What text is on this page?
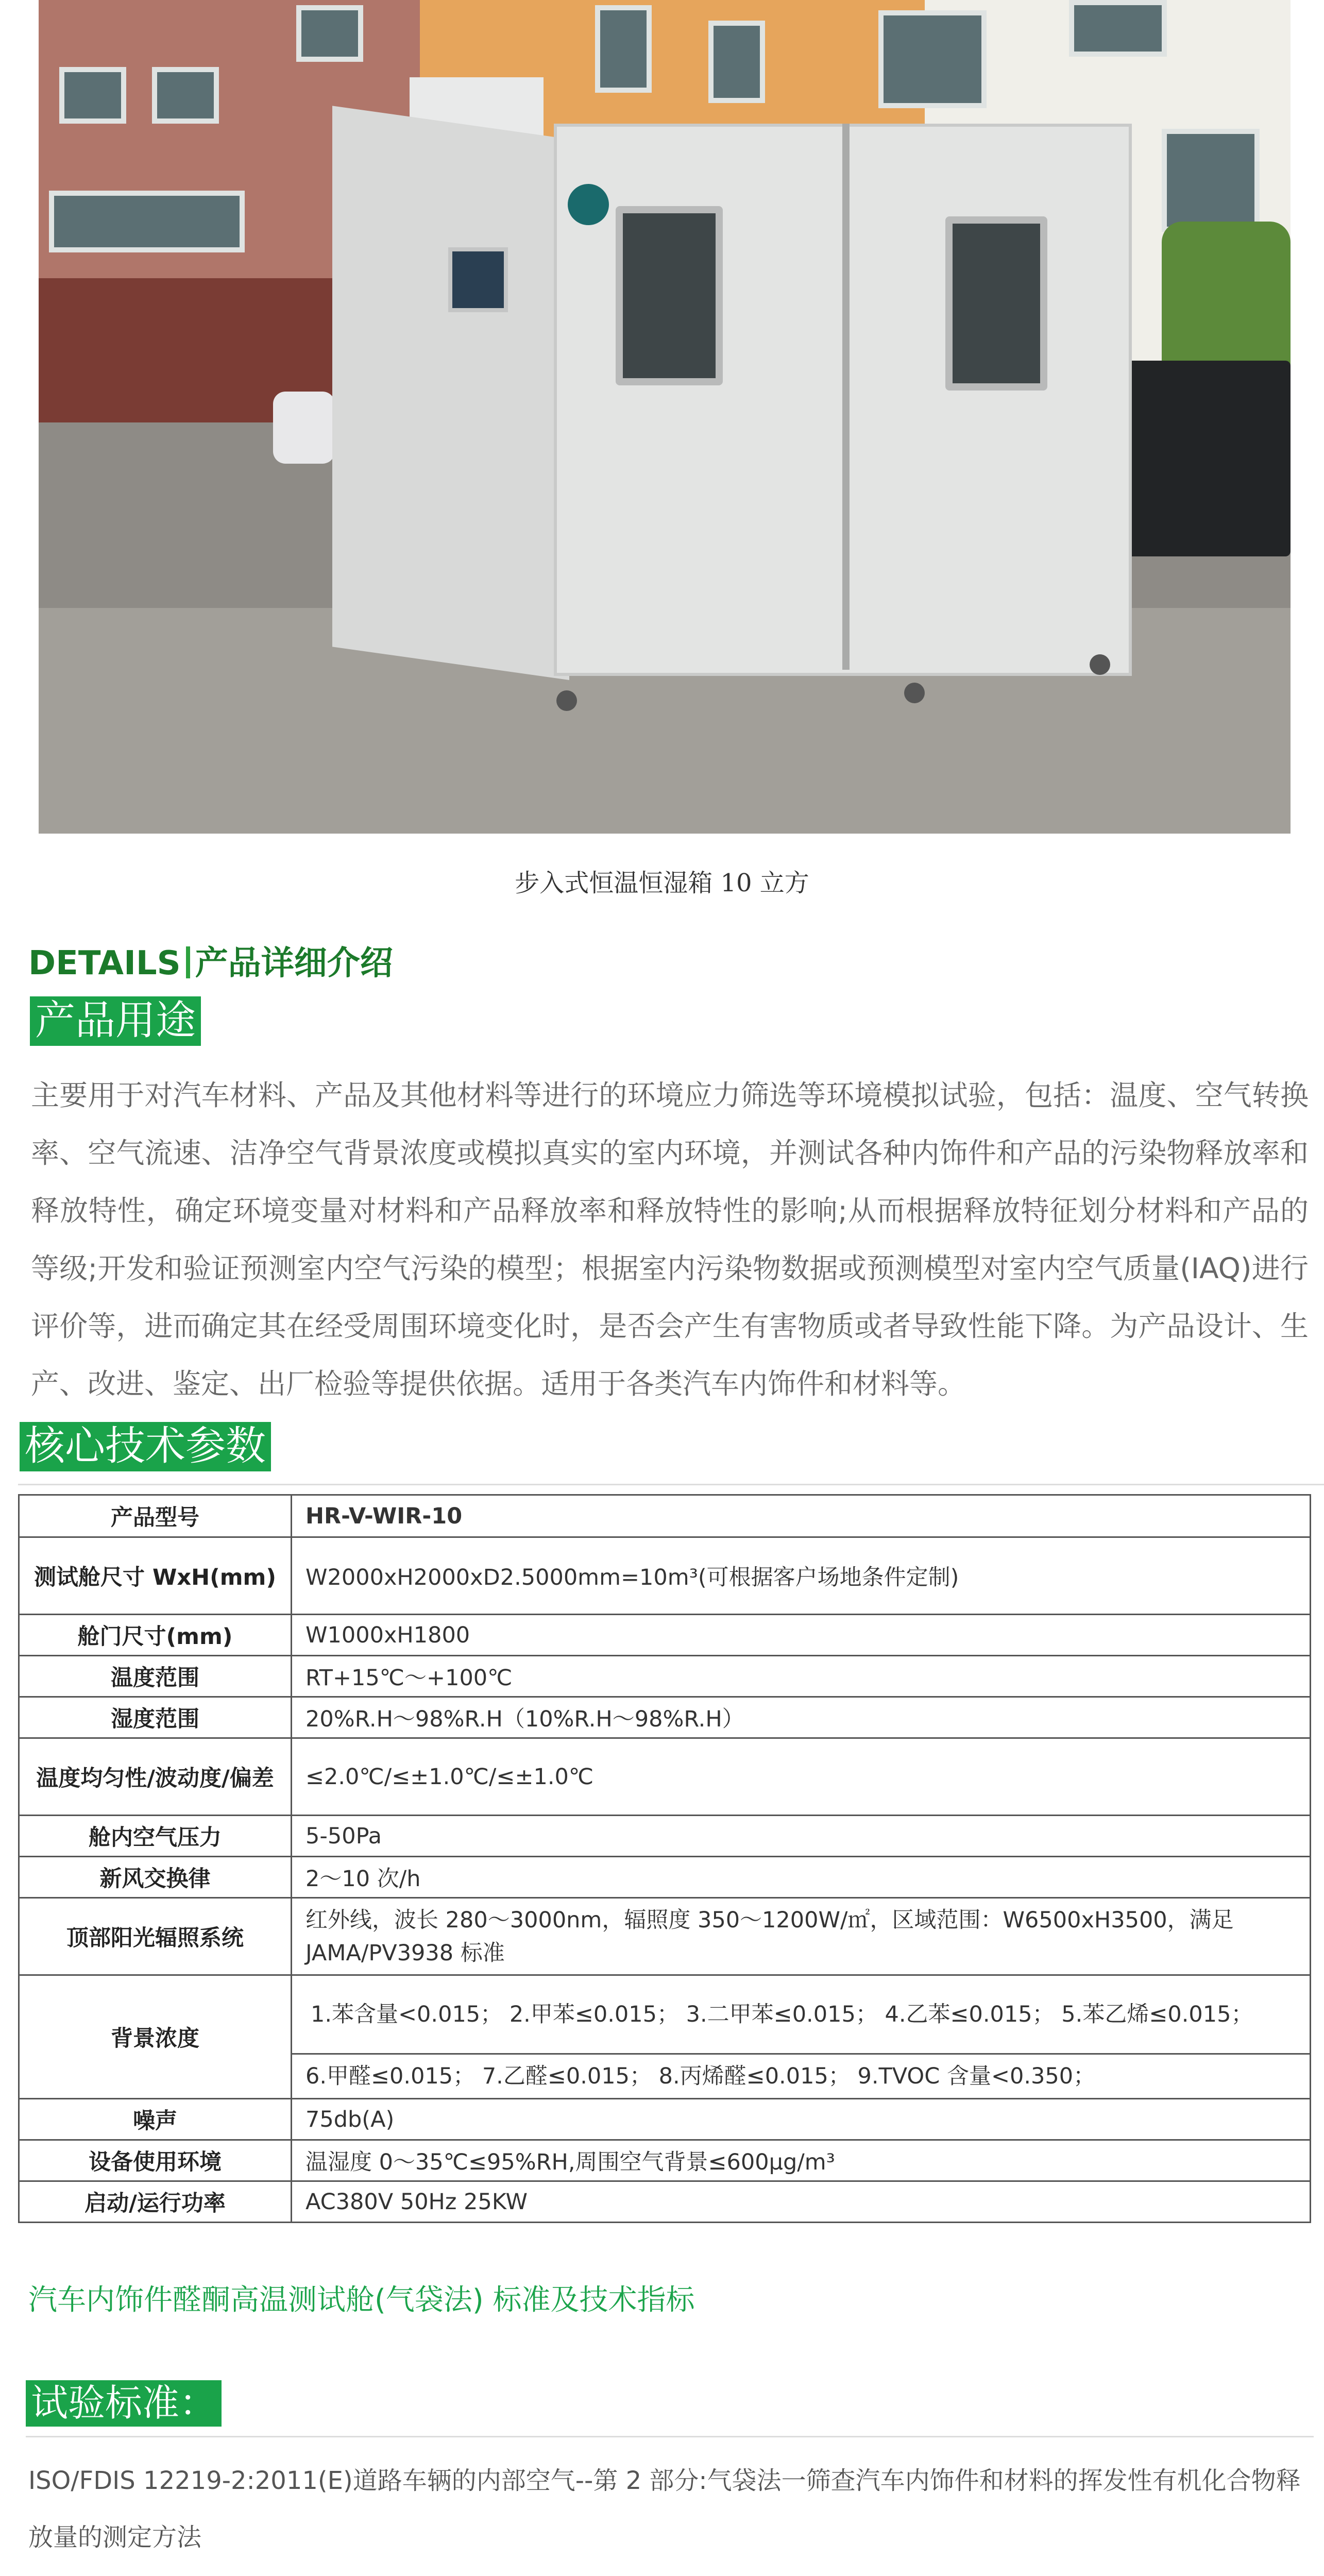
步入式恒温恒湿箱 10 立方
DETAILS 产品详细介绍
产品用途
主要用于对汽车材料、产品及其他材料等进行的环境应力筛选等环境模拟试验，包括：温度、空气转换率、空气流速、洁净空气背景浓度或模拟真实的室内环境，并测试各种内饰件和产品的污染物释放率和释放特性，确定环境变量对材料和产品释放率和释放特性的影响;从而根据释放特征划分材料和产品的等级;开发和验证预测室内空气污染的模型；根据室内污染物数据或预测模型对室内空气质量(IAQ)进行评价等，进而确定其在经受周围环境变化时，是否会产生有害物质或者导致性能下降。为产品设计、生产、改进、鉴定、出厂检验等提供依据。适用于各类汽车内饰件和材料等。
核心技术参数
产品型号	HR-V-WIR-10
测试舱尺寸 WxH(mm)	W2000xH2000xD2.5000mm=10m³(可根据客户场地条件定制)
舱门尺寸(mm)	W1000xH1800
温度范围	RT+15℃～+100℃
湿度范围	20%R.H～98%R.H（10%R.H～98%R.H）
温度均匀性/波动度/偏差	≤2.0℃/≤±1.0℃/≤±1.0℃
舱内空气压力	5-50Pa
新风交换律	2～10 次/h
顶部阳光辐照系统	红外线，波长 280～3000nm，辐照度 350～1200W/㎡，区域范围：W6500xH3500，满足 JAMA/PV3938 标准
背景浓度	1.苯含量<0.015； 2.甲苯≤0.015； 3.二甲苯≤0.015； 4.乙苯≤0.015； 5.苯乙烯≤0.015；
6.甲醛≤0.015； 7.乙醛≤0.015； 8.丙烯醛≤0.015； 9.TVOC 含量<0.350；

噪声	75db(A)
设备使用环境	温湿度 0～35℃≤95%RH,周围空气背景≤600μg/m³
启动/运行功率	AC380V 50Hz 25KW
汽车内饰件醛酮高温测试舱(气袋法) 标准及技术指标
试验标准：
ISO/FDIS 12219-2:2011(E)道路车辆的内部空气--第 2 部分:气袋法一筛查汽车内饰件和材料的挥发性有机化合物释放量的测定方法
